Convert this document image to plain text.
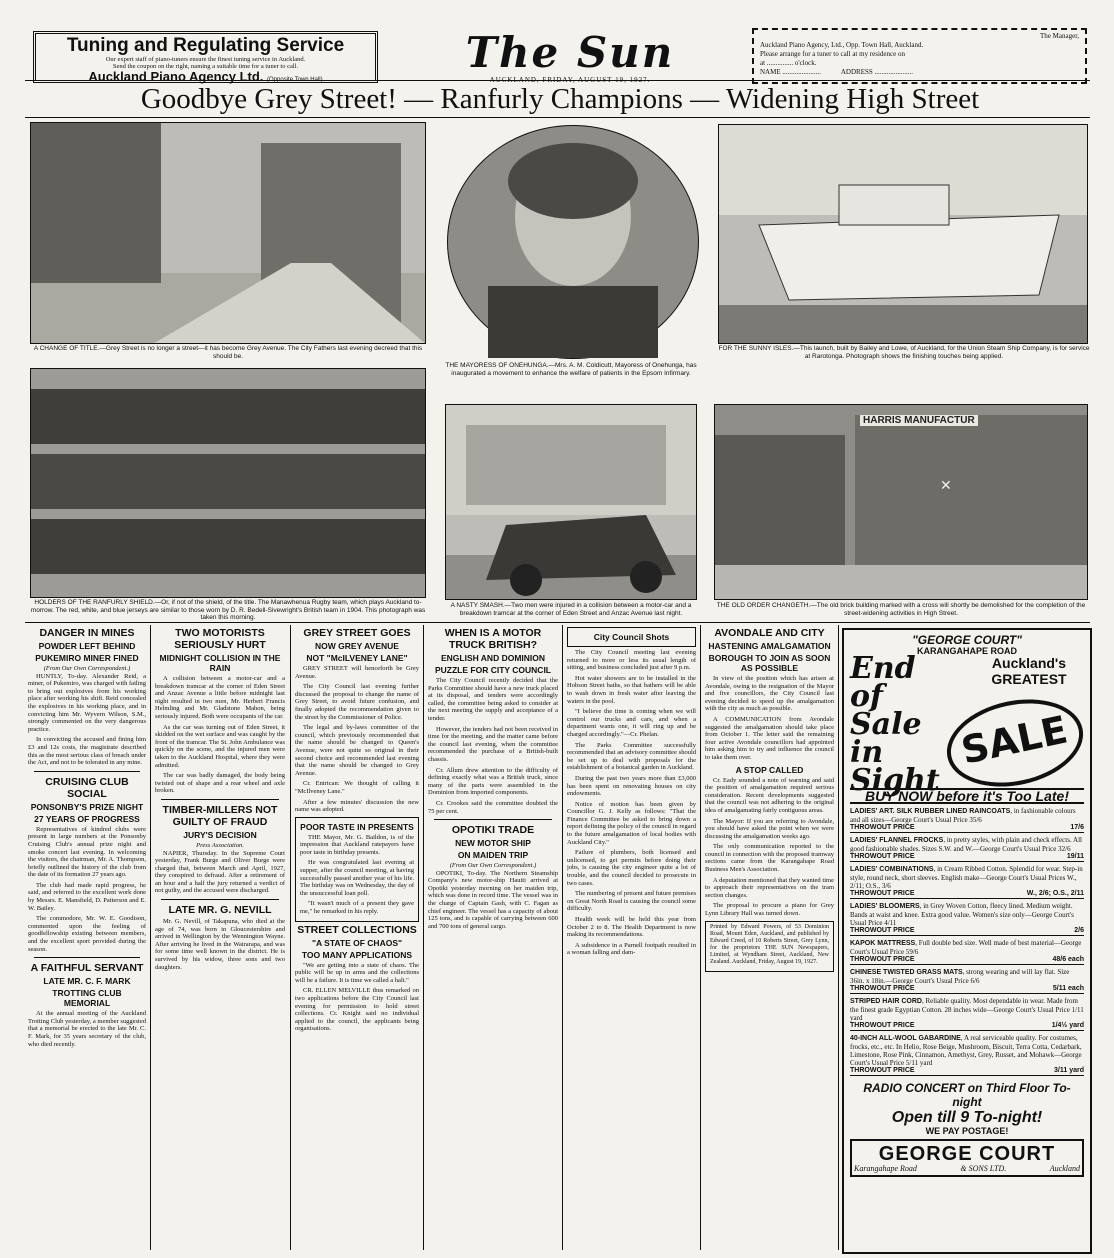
Tuning and Regulating Service
Our expert staff of piano-tuners ensure the finest tuning service in Auckland.
Send the coupon on the right, naming a suitable time for a tuner to call.
Auckland Piano Agency Ltd. (Opposite Town Hall)
The Sun
AUCKLAND, FRIDAY, AUGUST 19, 1927.
The Manager,
Auckland Piano Agency, Ltd., Opp. Town Hall, Auckland.
Please arrange for a tuner to call at my residence on
at ............... o'clock.
NAME ......................	ADDRESS ......................
Goodbye Grey Street! — Ranfurly Champions — Widening High Street
A CHANGE OF TITLE.—Grey Street is no longer a street—it has become Grey Avenue. The City Fathers last evening decreed that this should be.
THE MAYORESS OF ONEHUNGA.—Mrs. A. M. Coldicutt, Mayoress of Onehunga, has inaugurated a movement to enhance the welfare of patients in the Epsom Infirmary.
FOR THE SUNNY ISLES.—This launch, built by Bailey and Lowe, of Auckland, for the Union Steam Ship Company, is for service at Rarotonga. Photograph shows the finishing touches being applied.
HOLDERS OF THE RANFURLY SHIELD.—Or, if not of the shield, of the title. The Manawhenua Rugby team, which plays Auckland to-morrow. The red, white, and blue jerseys are similar to those worn by D. R. Bedell-Sivewright's British team in 1904. This photograph was taken this morning.
A NASTY SMASH.—Two men were injured in a collision between a motor-car and a breakdown tramcar at the corner of Eden Street and Anzac Avenue last night.
✕
HARRIS MANUFACTUR
THE OLD ORDER CHANGETH.—The old brick building marked with a cross will shortly be demolished for the completion of the street-widening activities in High Street.
DANGER IN MINES
POWDER LEFT BEHIND
PUKEMIRO MINER FINED
(From Our Own Correspondent.)

HUNTLY, To-day. Alexander Reid, a miner, of Pukemiro, was charged with failing to bring out explosives from his working place after working his shift. Reid concealed the explosives in his working place, and in convicting him Mr. Wyvern Wilson, S.M., strongly commented on the very dangerous practice.

In convicting the accused and fining him £3 and 12s costs, the magistrate described this as the most serious class of breach under the Act, and not to be tolerated in any mine.

CRUISING CLUB SOCIAL
PONSONBY'S PRIZE NIGHT
27 YEARS OF PROGRESS

Representatives of kindred clubs were present in large numbers at the Ponsonby Cruising Club's annual prize night and smoke concert last evening. In welcoming the visitors, the chairman, Mr. A. Thompson, briefly outlined the history of the club from the date of its formation 27 years ago.

The club had made rapid progress, he said, and referred to the excellent work done by Messrs. E. Mansfield, D. Patterson and E. W. Bailey.

The commodore, Mr. W. E. Goodison, commented upon the feeling of goodfellowship existing between members, and the excellent sport provided during the season.

A FAITHFUL SERVANT
LATE MR. C. F. MARK
TROTTING CLUB MEMORIAL

At the annual meeting of the Auckland Trotting Club yesterday, a member suggested that a memorial be erected to the late Mr. C. F. Mark, for 35 years secretary of the club, who died recently.

TWO MOTORISTS SERIOUSLY HURT
MIDNIGHT COLLISION IN THE RAIN

A collision between a motor-car and a breakdown tramcar at the corner of Eden Street and Anzac Avenue a little before midnight last night resulted in two men, Mr. Herbert Francis Helmling and Mr. Gladstone Mahon, being seriously injured. Both were occupants of the car.

As the car was turning out of Eden Street, it skidded on the wet surface and was caught by the front of the tramcar. The St. John Ambulance was quickly on the scene, and the injured men were taken to the Auckland Hospital, where they were admitted.

The car was badly damaged, the body being twisted out of shape and a rear wheel and axle broken.

TIMBER-MILLERS NOT GUILTY OF FRAUD
JURY'S DECISION
Press Association.

NAPIER, Thursday. In the Supreme Court yesterday, Frank Burge and Oliver Burge were charged that, between March and April, 1927, they conspired to defraud. After a retirement of an hour and a half the jury returned a verdict of not guilty, and the accused were discharged.

LATE MR. G. NEVILL

Mr. G. Nevill, of Takapuna, who died at the age of 74, was born in Gloucestershire and arrived in Wellington by the Wennington Wayne. After arriving he lived in the Wairarapa, and was for some time well known in the district. He is survived by his widow, three sons and two daughters.

GREY STREET GOES
NOW GREY AVENUE
NOT "McILVENEY LANE"

GREY STREET will henceforth be Grey Avenue.

The City Council last evening further discussed the proposal to change the name of Grey Street, to avoid future confusion, and finally adopted the recommendation given to the street by the Commissioner of Police.

The legal and by-laws committee of the council, which previously recommended that the name should be changed to Queen's Avenue, were not quite so original in their second choice and recommended last evening that the name should be changed to Grey Avenue.

Cr. Entrican: We thought of calling it "McIlveney Lane."

After a few minutes' discussion the new name was adopted.

POOR TASTE IN PRESENTS

THE Mayor, Mr. G. Baildon, is of the impression that Auckland ratepayers have poor taste in birthday presents.

He was congratulated last evening at supper, after the council meeting, at having successfully passed another year of his life. The birthday was on Wednesday, the day of the unsuccessful loan poll.

"It wasn't much of a present they gave me," he remarked in his reply.

STREET COLLECTIONS
"A STATE OF CHAOS"
TOO MANY APPLICATIONS

"We are getting into a state of chaos. The public will be up in arms and the collections will be a failure. It is time we called a halt."

CR. ELLEN MELVILLE thus remarked on two applications before the City Council last evening for permission to hold street collections. Cr. Knight said no individual applied to the council, the applicants being organisations.

WHEN IS A MOTOR TRUCK BRITISH?
ENGLISH AND DOMINION
PUZZLE FOR CITY COUNCIL

The City Council recently decided that the Parks Committee should have a new truck placed at its disposal, and tenders were accordingly called, the committee being asked to consider at the next meeting the supply and acceptance of a tender.

However, the tenders had not been received in time for the meeting, and the matter came before the council last evening, when the committee recommended the purchase of a British-built chassis.

Cr. Allum drew attention to the difficulty of defining exactly what was a British truck, since many of the parts were assembled in the Dominion from imported components.

Cr. Crookes said the committee doubted the 75 per cent.

OPOTIKI TRADE
NEW MOTOR SHIP
ON MAIDEN TRIP
(From Our Own Correspondent.)

OPOTIKI, To-day. The Northern Steamship Company's new motor-ship Hauiti arrived at Opotiki yesterday morning on her maiden trip, which was done in record time. The vessel was in the charge of Captain Gash, with C. Fagan as chief engineer. The vessel has a capacity of about 125 tons, and is capable of carrying between 600 and 700 tons of general cargo.

City Council Shots

The City Council meeting last evening returned to more or less its usual length of sitting, and business concluded just after 9 p.m.

Hot water showers are to be installed in the Hobson Street baths, so that bathers will be able to wash down in fresh water after leaving the waters in the pool.

"I believe the time is coming when we will control our trucks and cars, and when a department wants one, it will ring up and be charged accordingly."—Cr. Phelan.

The Parks Committee successfully recommended that an advisory committee should be set up to deal with proposals for the establishment of a botanical garden in Auckland.

During the past two years more than £3,000 has been spent on renovating houses on city endowments.

Notice of motion has been given by Councillor G. J. Kelly as follows: "That the Finance Committee be asked to bring down a report defining the policy of the council in regard to the future amalgamation of local bodies with Auckland City."

Failure of plumbers, both licensed and unlicensed, to get permits before doing their jobs, is causing the city engineer quite a lot of trouble, and the council decided to prosecute in two cases.

The numbering of present and future premises on Great North Road is causing the council some difficulty.

Health week will be held this year from October 2 to 8. The Health Department is now making its recommendations.

A subsidence in a Parnell footpath resulted in a woman falling and dam-

AVONDALE AND CITY
HASTENING AMALGAMATION
BOROUGH TO JOIN AS SOON AS POSSIBLE

In view of the position which has arisen at Avondale, owing to the resignation of the Mayor and five councillors, the City Council last evening decided to speed up the amalgamation with the city as much as possible.

A COMMUNICATION from Avondale suggested the amalgamation should take place from October 1. The letter said the remaining four active Avondale councillors had appointed him asking him to try and influence the council to take them over.

A STOP CALLED

Cr. Eady sounded a note of warning and said the position of amalgamation required serious consideration. Recent developments suggested that the council was not adhering to the original idea of amalgamating fairly contiguous areas.

The Mayor: If you are referring to Avondale, you should have asked the point when we were discussing the amalgamation weeks ago.

The only communication reported to the council in connection with the proposed tramway sections came from the Karangahape Road Business Men's Association.

A deputation mentioned that they wanted time to approach their representatives on the tram section changes.

The proposal to procure a piano for Grey Lynn Library Hall was turned down.

Printed by Edward Powers, of 53 Dominion Road, Mount Eden, Auckland, and published by Edward Creed, of 10 Roberts Street, Grey Lynn, for the proprietors THE SUN Newspapers, Limited, at Wyndham Street, Auckland, New Zealand. Auckland, Friday, August 19, 1927.

"GEORGE COURT"
KARANGAHAPE ROAD
End of Sale in Sight
Auckland's GREATEST
SALE
BUY NOW before it's Too Late!
LADIES' ART. SILK RUBBER LINED RAINCOATS, in fashionable colours and all sizes—George Court's Usual Price 35/6
THROWOUT PRICE	17/6
LADIES' FLANNEL FROCKS, in pretty styles, with plain and check effects. All good fashionable shades. Sizes S.W. and W.—George Court's Usual Price 32/6
THROWOUT PRICE	19/11
LADIES' COMBINATIONS, in Cream Ribbed Cotton. Splendid for wear. Step-in style, round neck, short sleeves. English make—George Court's Usual Prices W., 2/11; O.S., 3/6
THROWOUT PRICE	W., 2/6; O.S., 2/11
LADIES' BLOOMERS, in Grey Woven Cotton, fleecy lined. Medium weight. Bands at waist and knee. Extra good value. Women's size only—George Court's Usual Price 4/11
THROWOUT PRICE	2/6
KAPOK MATTRESS, Full double bed size. Well made of best material—George Court's Usual Price 59/6
THROWOUT PRICE	48/6 each
CHINESE TWISTED GRASS MATS, strong wearing and will lay flat. Size 36in. x 18in.—George Court's Usual Price 6/6
THROWOUT PRICE	5/11 each
STRIPED HAIR CORD, Reliable quality. Most dependable in wear. Made from the finest grade Egyptian Cotton. 28 inches wide—George Court's Usual Price 1/11 yard
THROWOUT PRICE	1/4½ yard
40-INCH ALL-WOOL GABARDINE, A real serviceable quality. For costumes, frocks, etc., etc. In Helio, Rose Beige, Mushroom, Biscuit, Terra Cotta, Cedarbark, Limestone, Rose Pink, Cinnamon, Amethyst, Grey, Russet, and Mohawk—George Court's Usual Price 5/11 yard
THROWOUT PRICE	3/11 yard
RADIO CONCERT on Third Floor To-night
Open till 9 To-night!
WE PAY POSTAGE!
GEORGE COURT
Karangahape Road	& SONS LTD.	Auckland
